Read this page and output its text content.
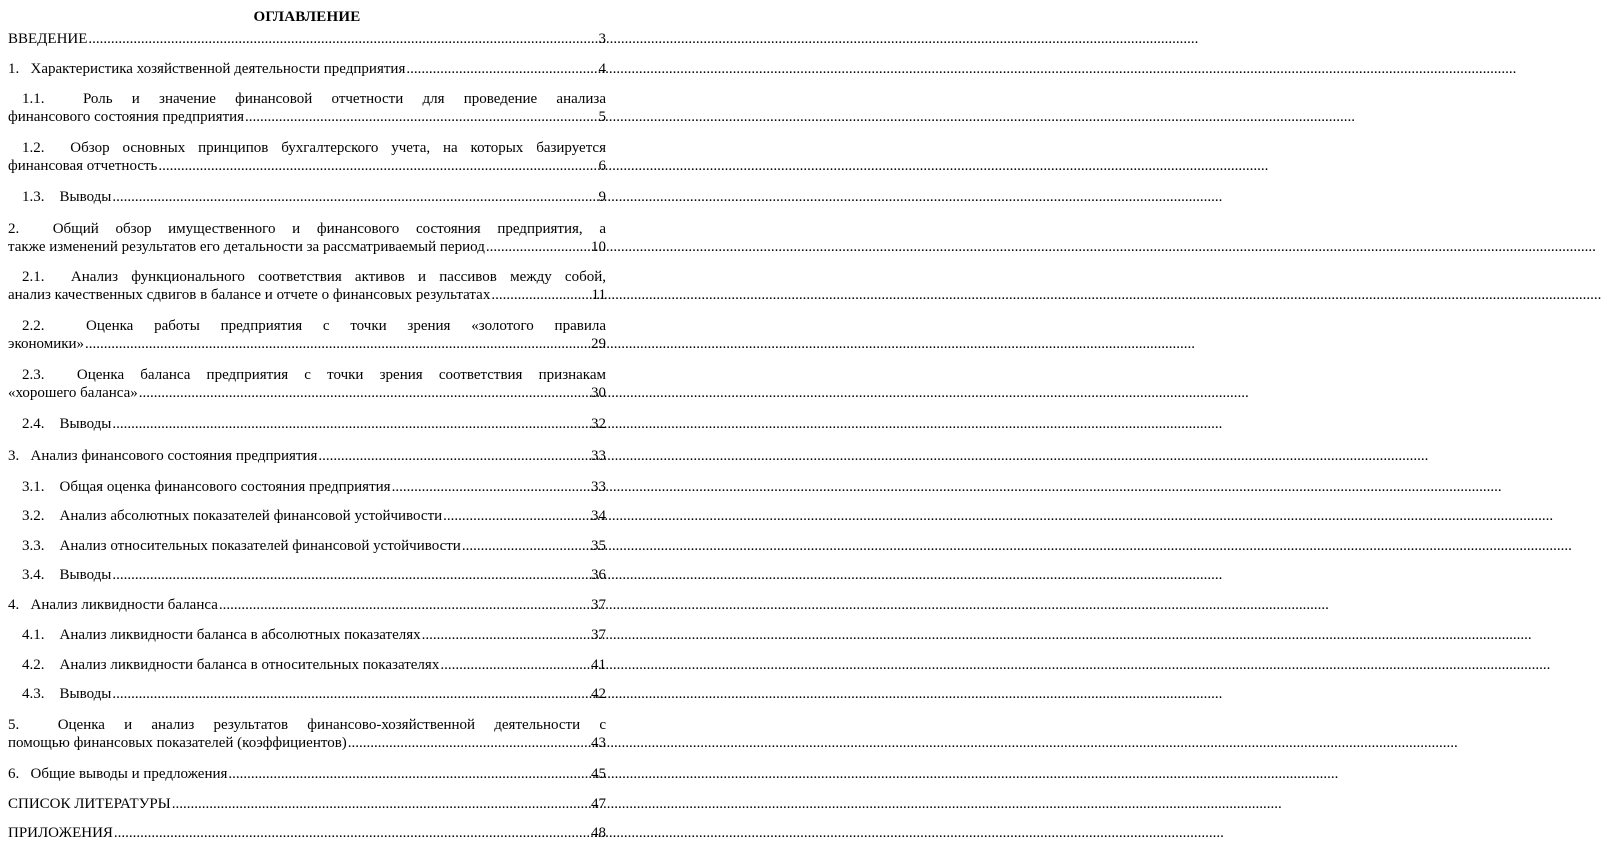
ОГЛАВЛЕНИЕ
ВВЕДЕНИЕ .....	3
1. Характеристика хозяйственной деятельности предприятия .....	4
1.1.	Роль и значение финансовой отчетности для проведение анализа
финансового состояния предприятия .....	5
1.2. Обзор основных принципов бухгалтерского учета, на которых базируется
финансовая отчетность .....	6
1.3. Выводы .....	9
2. Общий обзор имущественного и финансового состояния предприятия, а
также изменений результатов его детальности за рассматриваемый период .....	10
2.1. Анализ функционального соответствия активов и пассивов между собой,
анализ качественных сдвигов в балансе и отчете о финансовых результатах .....	11
2.2.	Оценка работы предприятия с точки зрения «золотого правила
экономики» .....	29
2.3. Оценка баланса предприятия с точки зрения соответствия признакам
«хорошего баланса» .....	30
2.4. Выводы .....	32
3. Анализ финансового состояния предприятия .....	33
3.1. Общая оценка финансового состояния предприятия .....	33
3.2. Анализ абсолютных показателей финансовой устойчивости .....	34
3.3. Анализ относительных показателей финансовой устойчивости .....	35
3.4. Выводы .....	36
4. Анализ ликвидности баланса .....	37
4.1. Анализ ликвидности баланса в абсолютных показателях .....	37
4.2. Анализ ликвидности баланса в относительных показателях .....	41
4.3. Выводы .....	42
5.	Оценка и анализ результатов финансово-хозяйственной деятельности с
помощью финансовых показателей (коэффициентов) .....	43
6. Общие выводы и предложения .....	45
СПИСОК ЛИТЕРАТУРЫ .....	47
ПРИЛОЖЕНИЯ .....	48
